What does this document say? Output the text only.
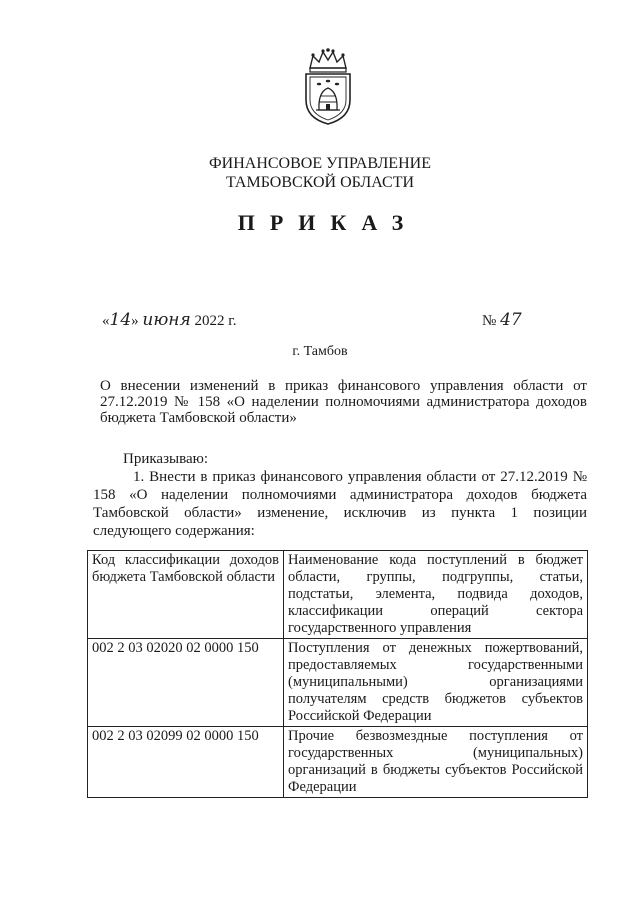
ФИНАНСОВОЕ УПРАВЛЕНИЕ
ТАМБОВСКОЙ ОБЛАСТИ
ПРИКАЗ
«14» июня 2022 г.	№ 47
г. Тамбов
О внесении изменений в приказ финансового управления области от 27.12.2019 № 158 «О наделении полномочиями администратора доходов бюджета Тамбовской области»
Приказываю:

1. Внести в приказ финансового управления области от 27.12.2019 № 158 «О наделении полномочиями администратора доходов бюджета Тамбовской области» изменение, исключив из пункта 1 позиции следующего содержания:

Код классификации доходов бюджета Тамбовской области	Наименование кода поступлений в бюджет области, группы, подгруппы, статьи, подстатьи, элемента, подвида доходов, классификации операций сектора государственного управления
002 2 03 02020 02 0000 150	Поступления от денежных пожертвований, предоставляемых государственными (муниципальными) организациями получателям средств бюджетов субъектов Российской Федерации
002 2 03 02099 02 0000 150	Прочие безвозмездные поступления от государственных (муниципальных) организаций в бюджеты субъектов Российской Федерации
